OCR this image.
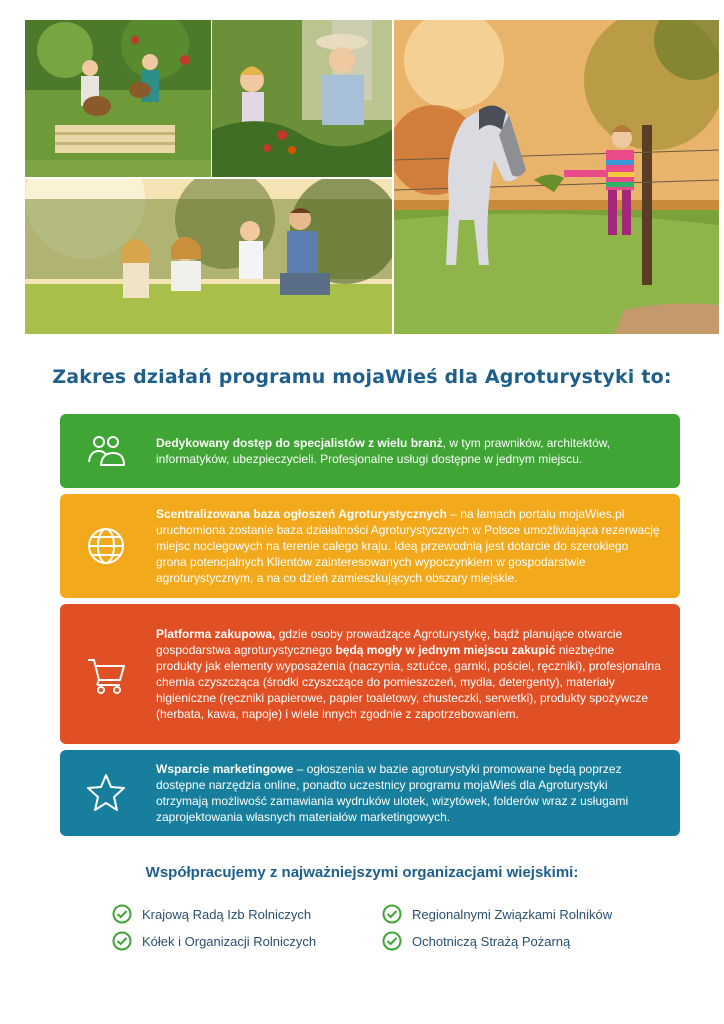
Zakres działań programu mojaWieś dla Agroturystyki to:

Dedykowany dostęp do specjalistów z wielu branż, w tym prawników, architektów, informatyków, ubezpieczycieli. Profesjonalne usługi dostępne w jednym miejscu.

Scentralizowana baza ogłoszeń Agroturystycznych – na łamach portalu mojaWies.pl uruchomiona zostanie baza działalności Agroturystycznych w Polsce umożliwiająca rezerwację miejsc noclegowych na terenie całego kraju. Ideą przewodnią jest dotarcie do szerokiego grona potencjalnych Klientów zainteresowanych wypoczynkiem w gospodarstwie agroturystycznym, a na co dzień zamieszkujących obszary miejskie.

Platforma zakupowa, gdzie osoby prowadzące Agroturystykę, bądź planujące otwarcie gospodarstwa agroturystycznego będą mogły w jednym miejscu zakupić niezbędne produkty jak elementy wyposażenia (naczynia, sztućce, garnki, pościel, ręczniki), profesjonalna chemia czyszcząca (środki czyszczące do pomieszczeń, mydła, detergenty), materiały higieniczne (ręczniki papierowe, papier toaletowy, chusteczki, serwetki), produkty spożywcze (herbata, kawa, napoje) i wiele innych zgodnie z zapotrzebowaniem.

Wsparcie marketingowe – ogłoszenia w bazie agroturystyki promowane będą poprzez dostępne narzędzia online, ponadto uczestnicy programu mojaWieś dla Agroturystyki otrzymają możliwość zamawiania wydruków ulotek, wizytówek, folderów wraz z usługami zaprojektowania własnych materiałów marketingowych.

Współpracujemy z najważniejszymi organizacjami wiejskimi:
Krajową Radą Izb Rolniczych	Regionalnymi Związkami Rolników
Kółek i Organizacji Rolniczych	Ochotniczą Strażą Pożarną
